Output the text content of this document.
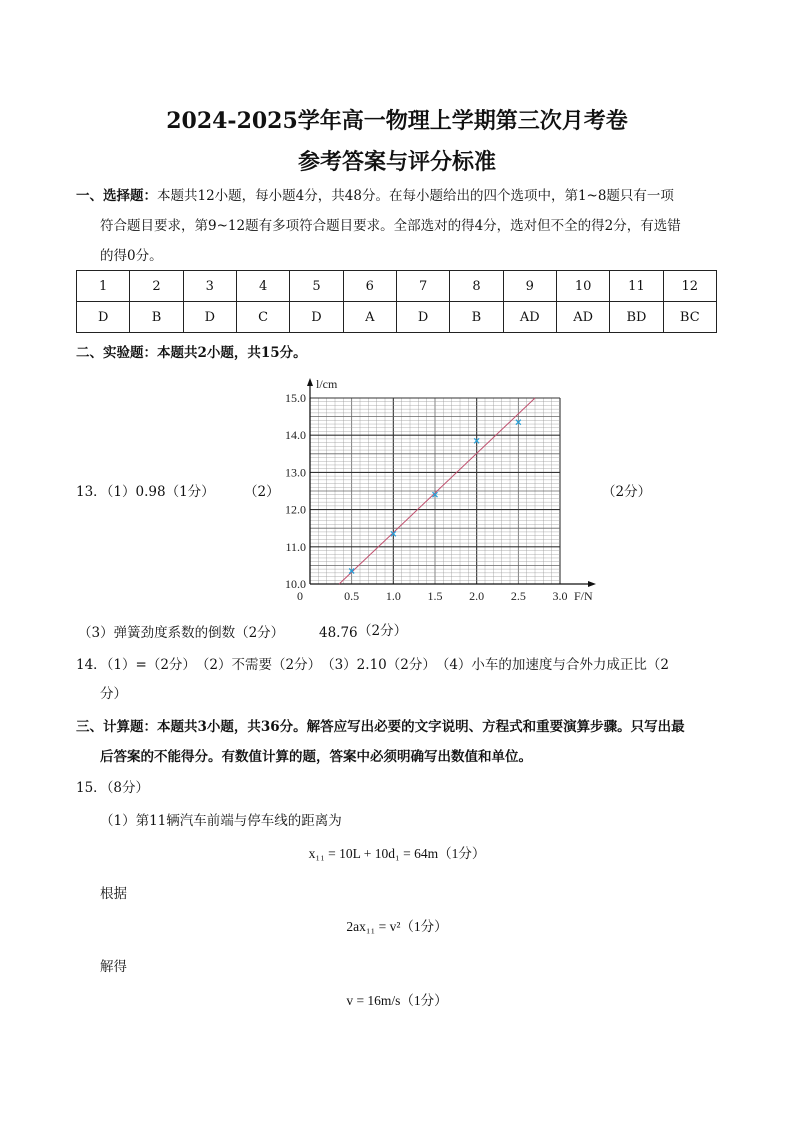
2024-2025学年高一物理上学期第三次月考卷
参考答案与评分标准
一、选择题：本题共12小题，每小题4分，共48分。在每小题给出的四个选项中，第1~8题只有一项
符合题目要求，第9~12题有多项符合题目要求。全部选对的得4分，选对但不全的得2分，有选错
的得0分。
1	2	3	4	5	6	7	8	9	10	11	12
D	B	D	C	D	A	D	B	AD	AD	BD	BC
二、实验题：本题共2小题，共15分。
13．（1）0.98（1分） （2）	（2分）
10.0
11.0
12.0
13.0
14.0
15.0
0	0.5 1.0 1.5 2.0 2.5 3.0
l/cm
F/N
（3）弹簧劲度系数的倒数（2分）	48.76 （2分）
14．（1）=（2分）　（2）不需要（2分）　（3）2.10（2分）　（4）小车的加速度与合外力成正比（2
分）
三、计算题：本题共3小题，共36分。解答应写出必要的文字说明、方程式和重要演算步骤。只写出最
后答案的不能得分。有数值计算的题，答案中必须明确写出数值和单位。
15．（8分）
（1）第11辆汽车前端与停车线的距离为
x₁₁ = 10L + 10d₁ = 64m（1分）
根据
2ax₁₁ = v²（1分）
解得
v = 16m/s（1分）
